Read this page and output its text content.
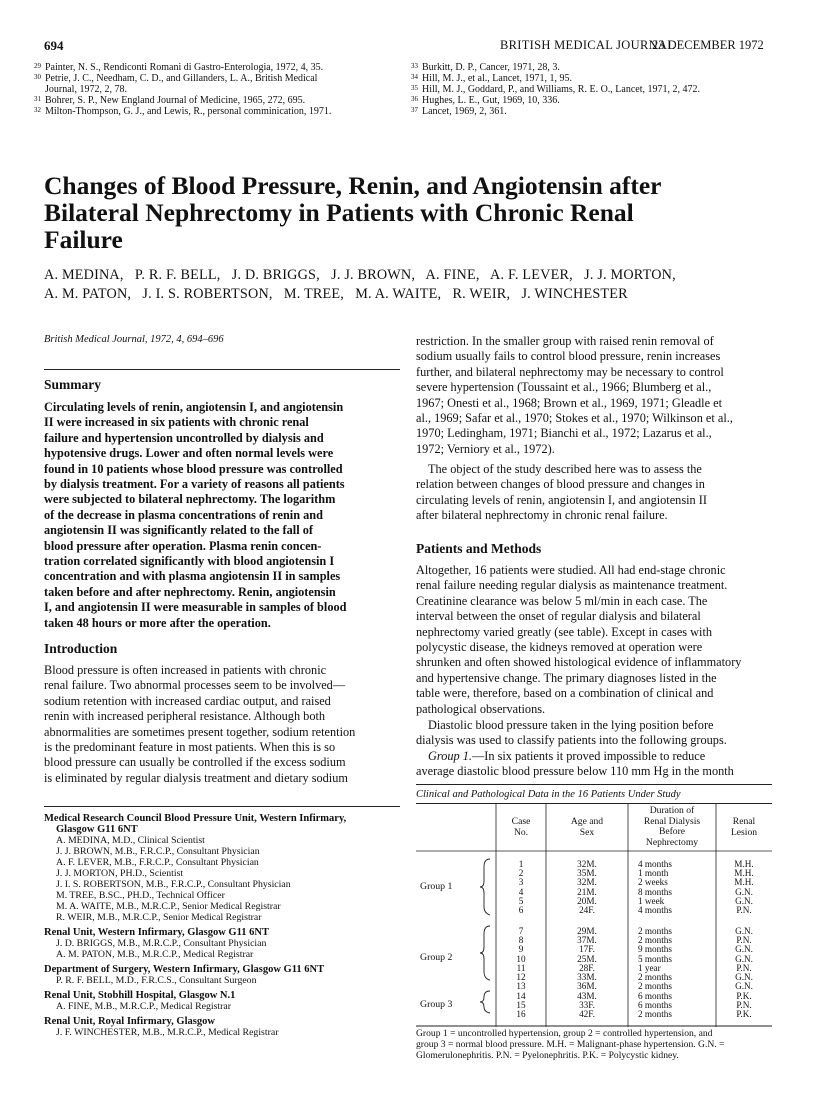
694	BRITISH MEDICAL JOURNAL
23 DECEMBER 1972
29 Painter, N. S., Rendiconti Romani di Gastro-Enterologia, 1972, 4, 35.
30 Petrie, J. C., Needham, C. D., and Gillanders, L. A., British Medical
Journal, 1972, 2, 78.
31 Bohrer, S. P., New England Journal of Medicine, 1965, 272, 695.
32 Milton-Thompson, G. J., and Lewis, R., personal comminication, 1971.
33 Burkitt, D. P., Cancer, 1971, 28, 3.
34 Hill, M. J., et al., Lancet, 1971, 1, 95.
35 Hill, M. J., Goddard, P., and Williams, R. E. O., Lancet, 1971, 2, 472.
36 Hughes, L. E., Gut, 1969, 10, 336.
37 Lancet, 1969, 2, 361.
Changes of Blood Pressure, Renin, and Angiotensin after
Bilateral Nephrectomy in Patients with Chronic Renal
Failure
A. MEDINA,   P. R. F. BELL,   J. D. BRIGGS,   J. J. BROWN,   A. FINE,   A. F. LEVER,   J. J. MORTON,
A. M. PATON,   J. I. S. ROBERTSON,   M. TREE,   M. A. WAITE,   R. WEIR,   J. WINCHESTER
British Medical Journal, 1972, 4, 694–696
Summary
Circulating levels of renin, angiotensin I, and angiotensin
II were increased in six patients with chronic renal
failure and hypertension uncontrolled by dialysis and
hypotensive drugs. Lower and often normal levels were
found in 10 patients whose blood pressure was controlled
by dialysis treatment. For a variety of reasons all patients
were subjected to bilateral nephrectomy. The logarithm
of the decrease in plasma concentrations of renin and
angiotensin II was significantly related to the fall of
blood pressure after operation. Plasma renin concen-
tration correlated significantly with blood angiotensin I
concentration and with plasma angiotensin II in samples
taken before and after nephrectomy. Renin, angiotensin
I, and angiotensin II were measurable in samples of blood
taken 48 hours or more after the operation.
Introduction
Blood pressure is often increased in patients with chronic
renal failure. Two abnormal processes seem to be involved—
sodium retention with increased cardiac output, and raised
renin with increased peripheral resistance. Although both
abnormalities are sometimes present together, sodium retention
is the predominant feature in most patients. When this is so
blood pressure can usually be controlled if the excess sodium
is eliminated by regular dialysis treatment and dietary sodium
Medical Research Council Blood Pressure Unit, Western Infirmary,
Glasgow G11 6NT
A. MEDINA, M.D., Clinical Scientist
J. J. BROWN, M.B., F.R.C.P., Consultant Physician
A. F. LEVER, M.B., F.R.C.P., Consultant Physician
J. J. MORTON, PH.D., Scientist
J. I. S. ROBERTSON, M.B., F.R.C.P., Consultant Physician
M. TREE, B.SC., PH.D., Technical Officer
M. A. WAITE, M.B., M.R.C.P., Senior Medical Registrar
R. WEIR, M.B., M.R.C.P., Senior Medical Registrar
Renal Unit, Western Infirmary, Glasgow G11 6NT
J. D. BRIGGS, M.B., M.R.C.P., Consultant Physician
A. M. PATON, M.B., M.R.C.P., Medical Registrar
Department of Surgery, Western Infirmary, Glasgow G11 6NT
P. R. F. BELL, M.D., F.R.C.S., Consultant Surgeon
Renal Unit, Stobhill Hospital, Glasgow N.1
A. FINE, M.B., M.R.C.P., Medical Registrar
Renal Unit, Royal Infirmary, Glasgow
J. F. WINCHESTER, M.B., M.R.C.P., Medical Registrar
restriction. In the smaller group with raised renin removal of
sodium usually fails to control blood pressure, renin increases
further, and bilateral nephrectomy may be necessary to control
severe hypertension (Toussaint et al., 1966; Blumberg et al.,
1967; Onesti et al., 1968; Brown et al., 1969, 1971; Gleadle et
al., 1969; Safar et al., 1970; Stokes et al., 1970; Wilkinson et al.,
1970; Ledingham, 1971; Bianchi et al., 1972; Lazarus et al.,
1972; Verniory et al., 1972).
The object of the study described here was to assess the
relation between changes of blood pressure and changes in
circulating levels of renin, angiotensin I, and angiotensin II
after bilateral nephrectomy in chronic renal failure.
Patients and Methods
Altogether, 16 patients were studied. All had end-stage chronic
renal failure needing regular dialysis as maintenance treatment.
Creatinine clearance was below 5 ml/min in each case. The
interval between the onset of regular dialysis and bilateral
nephrectomy varied greatly (see table). Except in cases with
polycystic disease, the kidneys removed at operation were
shrunken and often showed histological evidence of inflammatory
and hypertensive change. The primary diagnoses listed in the
table were, therefore, based on a combination of clinical and
pathological observations.
Diastolic blood pressure taken in the lying position before
dialysis was used to classify patients into the following groups.
Group 1.—In six patients it proved impossible to reduce
average diastolic blood pressure below 110 mm Hg in the month
Clinical and Pathological Data in the 16 Patients Under Study
Case
No.
Age and
Sex
Duration of
Renal Dialysis
Before
Nephrectomy
Renal
Lesion
Group 1
1	32M.	4 months	M.H.
2	35M.	1 month	M.H.
3	32M.	2 weeks	M.H.
4	21M.	8 months	G.N.
5	20M.	1 week	G.N.
6	24F.	4 months	P.N.
Group 2
7	29M.	2 months	G.N.
8	37M.	2 months	P.N.
9	17F.	9 months	G.N.
10	25M.	5 months	G.N.
11	28F.	1 year	P.N.
12	33M.	2 months	G.N.
13	36M.	2 months	G.N.
Group 3
14	43M.	6 months	P.K.
15	33F.	6 months	P.N.
16	42F.	2 months	P.K.
Group 1 = uncontrolled hypertension, group 2 = controlled hypertension, and
group 3 = normal blood pressure. M.H. = Malignant-phase hypertension. G.N. =
Glomerulonephritis. P.N. = Pyelonephritis. P.K. = Polycystic kidney.
